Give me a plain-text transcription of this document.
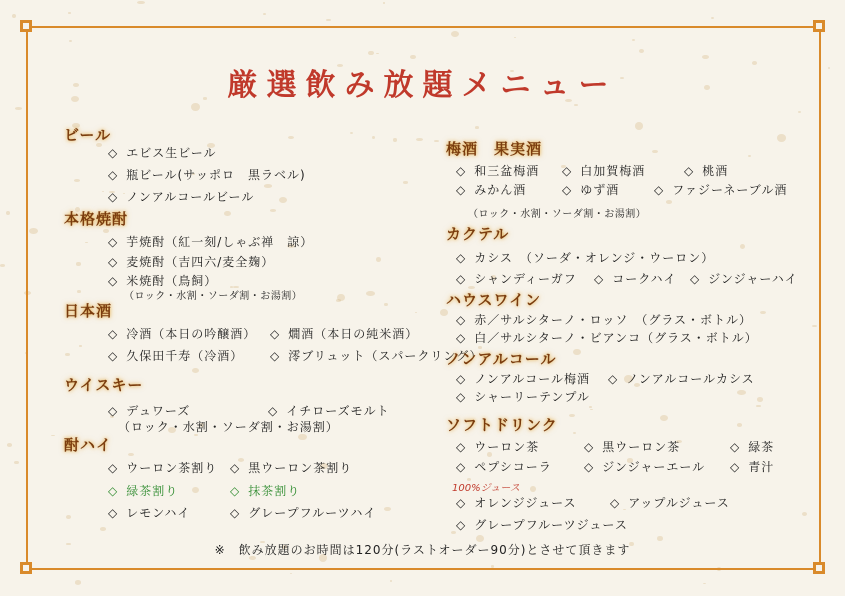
厳選飲み放題メニュー
ビール
◇ エビス生ビール
◇ 瓶ビール(サッポロ　黒ラベル)
◇ ノンアルコールビール
本格焼酎
◇ 芋焼酎（紅一刻/しゃぶ禅　諒）
◇ 麦焼酎（吉四六/麦全麹）
◇ 米焼酎（鳥飼）
（ロック・水割・ソーダ割・お湯割）
日本酒
◇ 冷酒（本日の吟醸酒） ◇ 燗酒（本日の純米酒）
◇ 久保田千寿（冷酒） ◇ 澪ブリュット（スパークリング）
ウイスキー
◇ デュワーズ	◇ イチローズモルト
（ロック・水割・ソーダ割・お湯割）
酎ハイ
◇ ウーロン茶割り ◇ 黒ウーロン茶割り
◇ 緑茶割り	◇ 抹茶割り
◇ レモンハイ	◇ グレープフルーツハイ
梅酒　果実酒
◇ 和三盆梅酒 ◇ 白加賀梅酒	◇ 桃酒
◇ みかん酒	◇ ゆず酒	◇ ファジーネーブル酒
（ロック・水割・ソーダ割・お湯割）
カクテル
◇ カシス　（ソーダ・オレンジ・ウーロン）
◇ シャンディーガフ ◇ コークハイ ◇ ジンジャーハイ
ハウスワイン
◇ 赤／サルシターノ・ロッソ　（グラス・ボトル）
◇ 白／サルシターノ・ビアンコ（グラス・ボトル）
ノンアルコール
◇ ノンアルコール梅酒 ◇ ノンアルコールカシス
◇ シャーリーテンプル
ソフトドリンク
◇ ウーロン茶	◇ 黒ウーロン茶	◇ 緑茶
◇ ペプシコーラ	◇ ジンジャーエール ◇ 青汁
100%ジュース
◇ オレンジジュース	◇ アップルジュース
◇ グレープフルーツジュース
※　飲み放題のお時間は120分(ラストオーダー90分)とさせて頂きます
